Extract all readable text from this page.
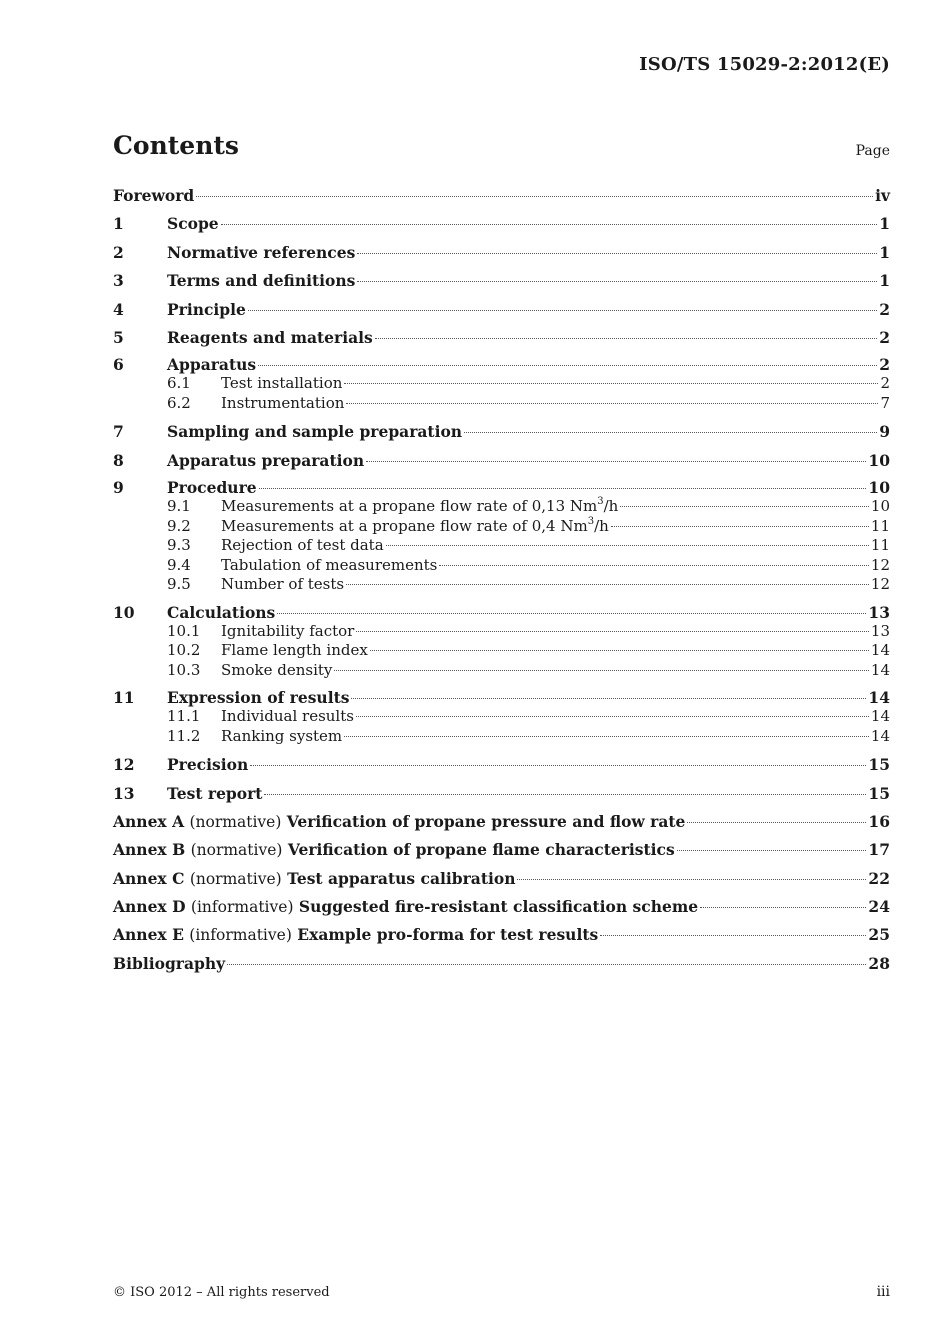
ISO/TS 15029-2:2012(E)
Contents	Page
Foreword	iv
1	Scope	1
2	Normative references	1
3	Terms and definitions	1
4	Principle	2
5	Reagents and materials	2
6	Apparatus	2
6.1	Test installation	2
6.2	Instrumentation	7
7	Sampling and sample preparation	9
8	Apparatus preparation	10
9	Procedure	10
9.1	Measurements at a propane flow rate of 0,13 Nm$^3$/h	10
9.2	Measurements at a propane flow rate of 0,4 Nm$^3$/h	11
9.3	Rejection of test data	11
9.4	Tabulation of measurements	12
9.5	Number of tests	12
10	Calculations	13
10.1	Ignitability factor	13
10.2	Flame length index	14
10.3	Smoke density	14
11	Expression of results	14
11.1	Individual results	14
11.2	Ranking system	14
12	Precision	15
13	Test report	15
Annex A (normative) Verification of propane pressure and flow rate	16
Annex B (normative) Verification of propane flame characteristics	17
Annex C (normative) Test apparatus calibration	22
Annex D (informative) Suggested fire-resistant classification scheme	24
Annex E (informative) Example pro-forma for test results	25
Bibliography	28
© ISO 2012 – All rights reserved	iii
